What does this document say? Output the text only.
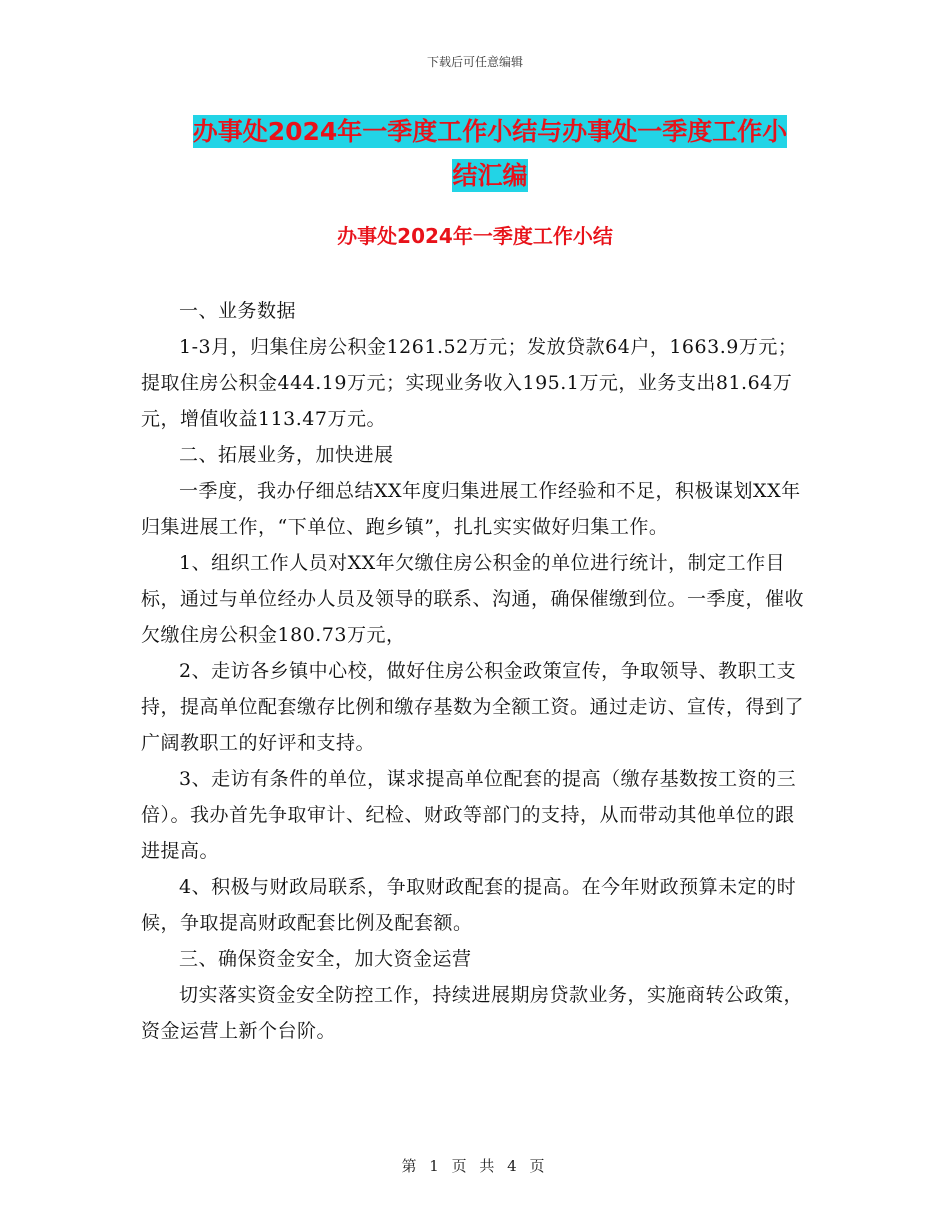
下载后可任意编辑
办事处2024年一季度工作小结与办事处一季度工作小
结汇编
办事处2024年一季度工作小结

一、业务数据

1-3月，归集住房公积金1261.52万元；发放贷款64户，1663.9万元；提取住房公积金444.19万元；实现业务收入195.1万元，业务支出81.64万元，增值收益113.47万元。

二、拓展业务，加快进展

一季度，我办仔细总结XX年度归集进展工作经验和不足，积极谋划XX年归集进展工作，“下单位、跑乡镇”，扎扎实实做好归集工作。

1、组织工作人员对XX年欠缴住房公积金的单位进行统计，制定工作目标，通过与单位经办人员及领导的联系、沟通，确保催缴到位。一季度，催收欠缴住房公积金180.73万元，

2、走访各乡镇中心校，做好住房公积金政策宣传，争取领导、教职工支持，提高单位配套缴存比例和缴存基数为全额工资。通过走访、宣传，得到了广阔教职工的好评和支持。

3、走访有条件的单位，谋求提高单位配套的提高（缴存基数按工资的三倍）。我办首先争取审计、纪检、财政等部门的支持，从而带动其他单位的跟进提高。

4、积极与财政局联系，争取财政配套的提高。在今年财政预算未定的时候，争取提高财政配套比例及配套额。

三、确保资金安全，加大资金运营

切实落实资金安全防控工作，持续进展期房贷款业务，实施商转公政策，资金运营上新个台阶。

第 1 页 共 4 页
